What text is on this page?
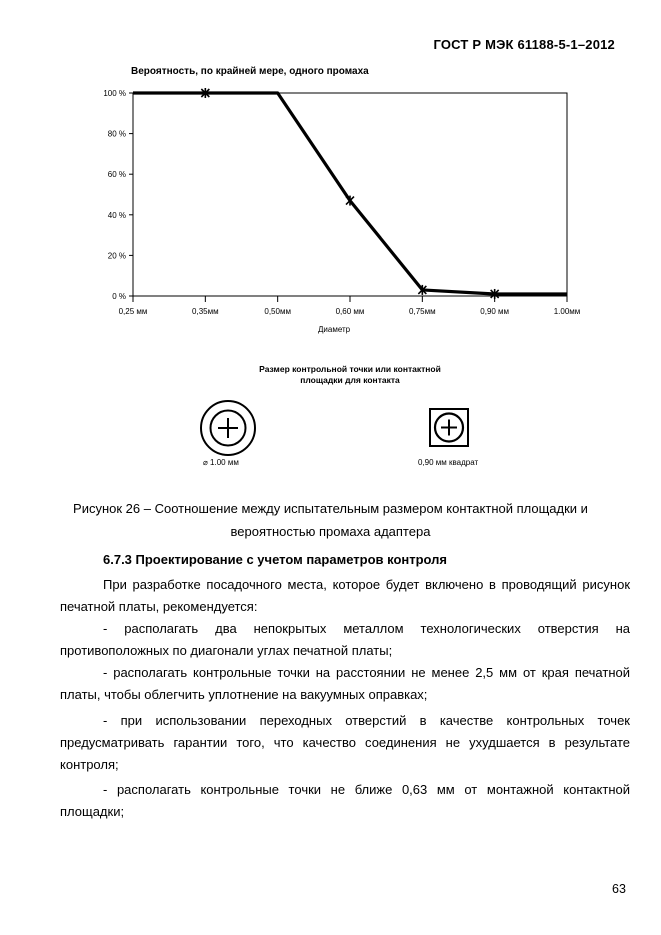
ГОСТ Р МЭК 61188-5-1–2012
Вероятность, по крайней мере, одного промаха
0 %
20 %
40 %
60 %
80 %
100 %
0,25 мм	0,35мм	0,50мм	0,60 мм	0,75мм	0,90 мм	1.00мм
Диаметр
Размер контрольной точки или контактной
площадки для контакта
⌀ 1.00 мм	0,90 мм квадрат
Рисунок 26 – Соотношение между испытательным размером контактной площадки и
вероятностью промаха адаптера
6.7.3 Проектирование с учетом параметров контроля
При разработке посадочного места, которое будет включено в проводящий рисунок
печатной платы, рекомендуется:
- располагать два непокрытых металлом технологических отверстия на
противоположных по диагонали углах печатной платы;
- располагать контрольные точки на расстоянии не менее 2,5 мм от края печатной
платы, чтобы облегчить уплотнение на вакуумных оправках;
- при использовании переходных отверстий в качестве контрольных точек
предусматривать гарантии того, что качество соединения не ухудшается в результате
контроля;
- располагать контрольные точки не ближе 0,63 мм от монтажной контактной
площадки;
63
